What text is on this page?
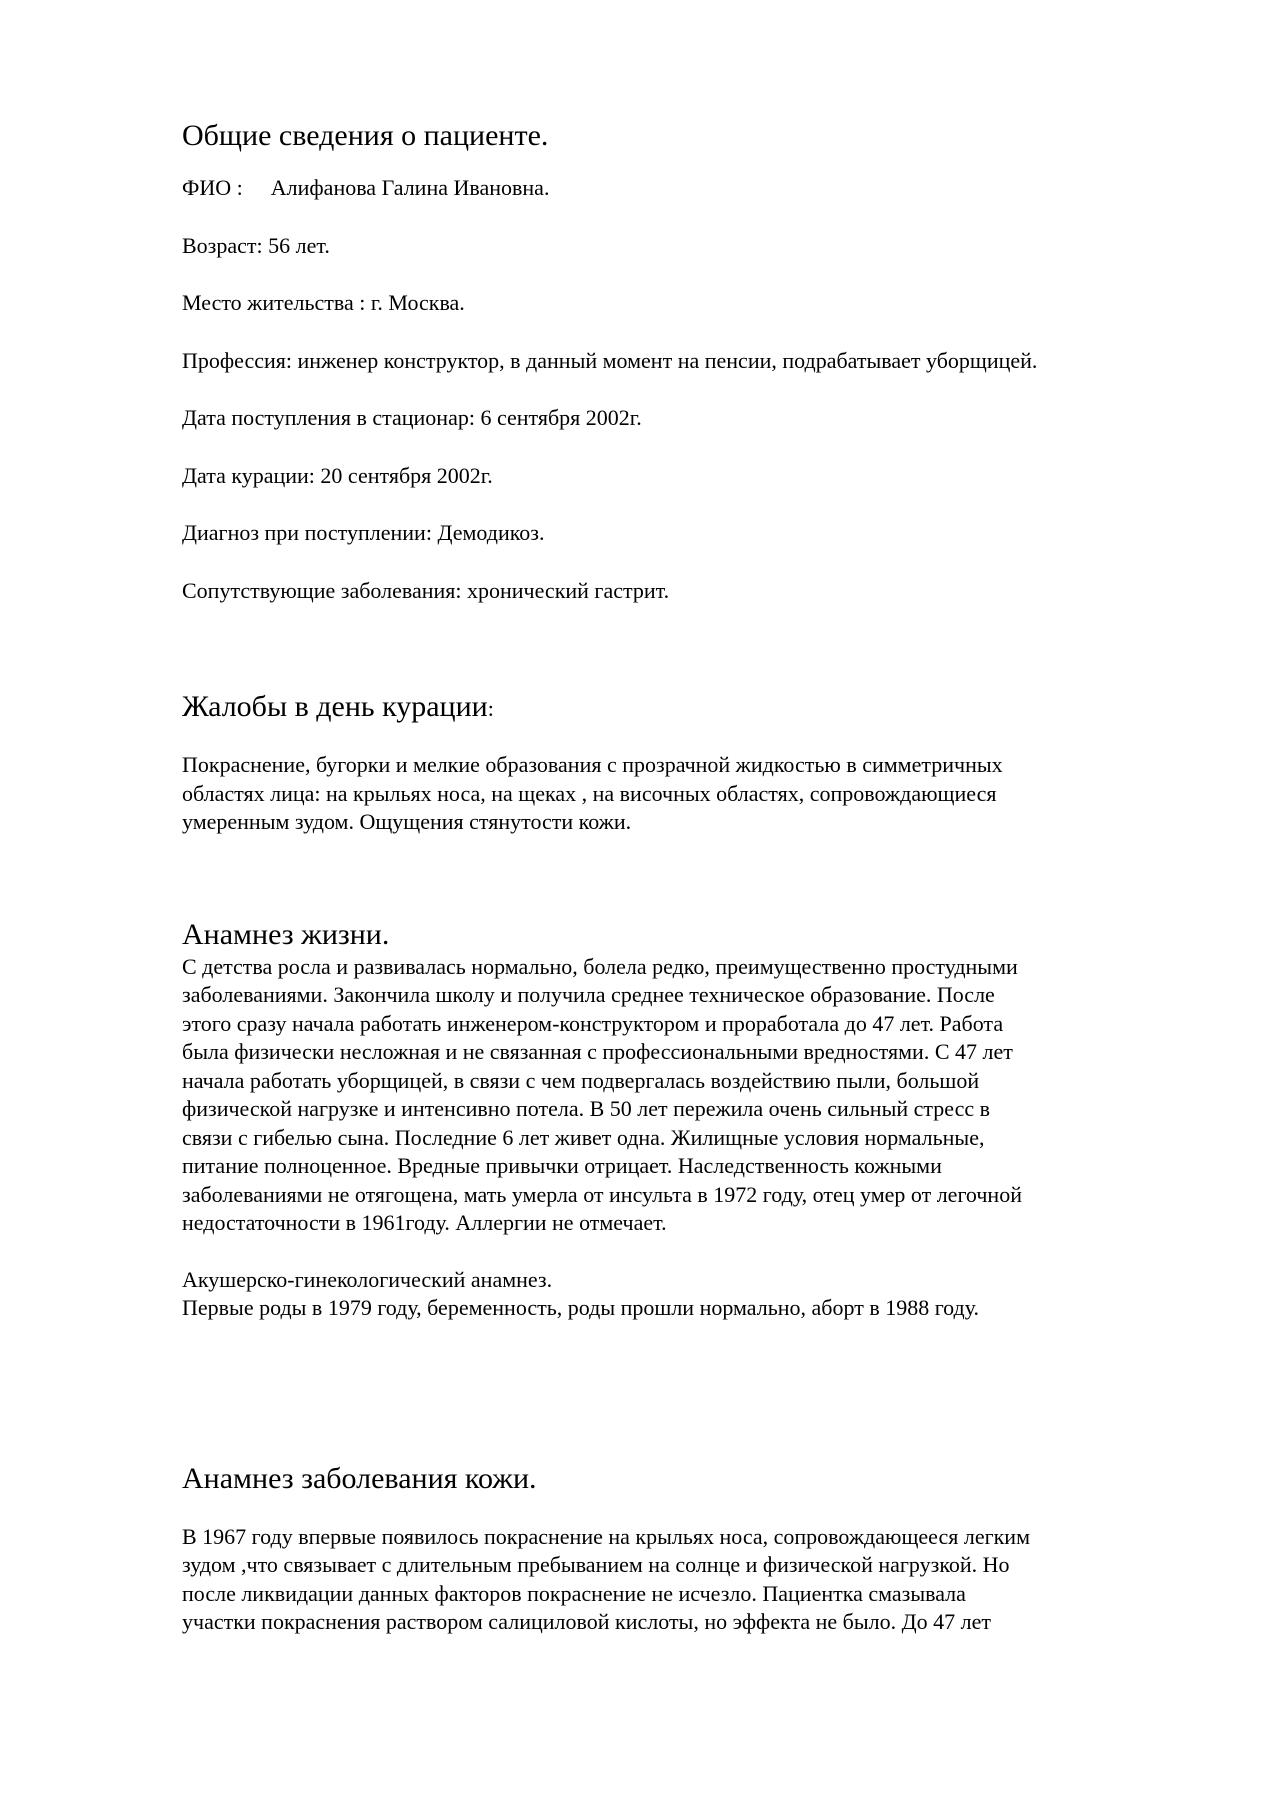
Общие сведения о пациенте.

ФИО : Алифанова Галина Ивановна.

Возраст: 56 лет.

Место жительства : г. Москва.

Профессия: инженер конструктор, в данный момент на пенсии, подрабатывает уборщицей.

Дата поступления в стационар: 6 сентября 2002г.

Дата курации: 20 сентября 2002г.

Диагноз при поступлении: Демодикоз.

Сопутствующие заболевания: хронический гастрит.

Жалобы в день курации:

Покраснение, бугорки и мелкие образования с прозрачной жидкостью в симметричных

областях лица: на крыльях носа, на щеках , на височных областях, сопровождающиеся

умеренным зудом. Ощущения стянутости кожи.

Анамнез жизни.

С детства росла и развивалась нормально, болела редко, преимущественно простудными

заболеваниями. Закончила школу и получила среднее техническое образование. После

этого сразу начала работать инженером-конструктором и проработала до 47 лет. Работа

была физически несложная и не связанная с профессиональными вредностями. С 47 лет

начала работать уборщицей, в связи с чем подвергалась воздействию пыли, большой

физической нагрузке и интенсивно потела. В 50 лет пережила очень сильный стресс в

связи с гибелью сына. Последние 6 лет живет одна. Жилищные условия нормальные,

питание полноценное. Вредные привычки отрицает. Наследственность кожными

заболеваниями не отягощена, мать умерла от инсульта в 1972 году, отец умер от легочной

недостаточности в 1961году. Аллергии не отмечает.

Акушерско-гинекологический анамнез.

Первые роды в 1979 году, беременность, роды прошли нормально, аборт в 1988 году.

Анамнез заболевания кожи.

В 1967 году впервые появилось покраснение на крыльях носа, сопровождающееся легким

зудом ,что связывает с длительным пребыванием на солнце и физической нагрузкой. Но

после ликвидации данных факторов покраснение не исчезло. Пациентка смазывала

участки покраснения раствором салициловой кислоты, но эффекта не было. До 47 лет
